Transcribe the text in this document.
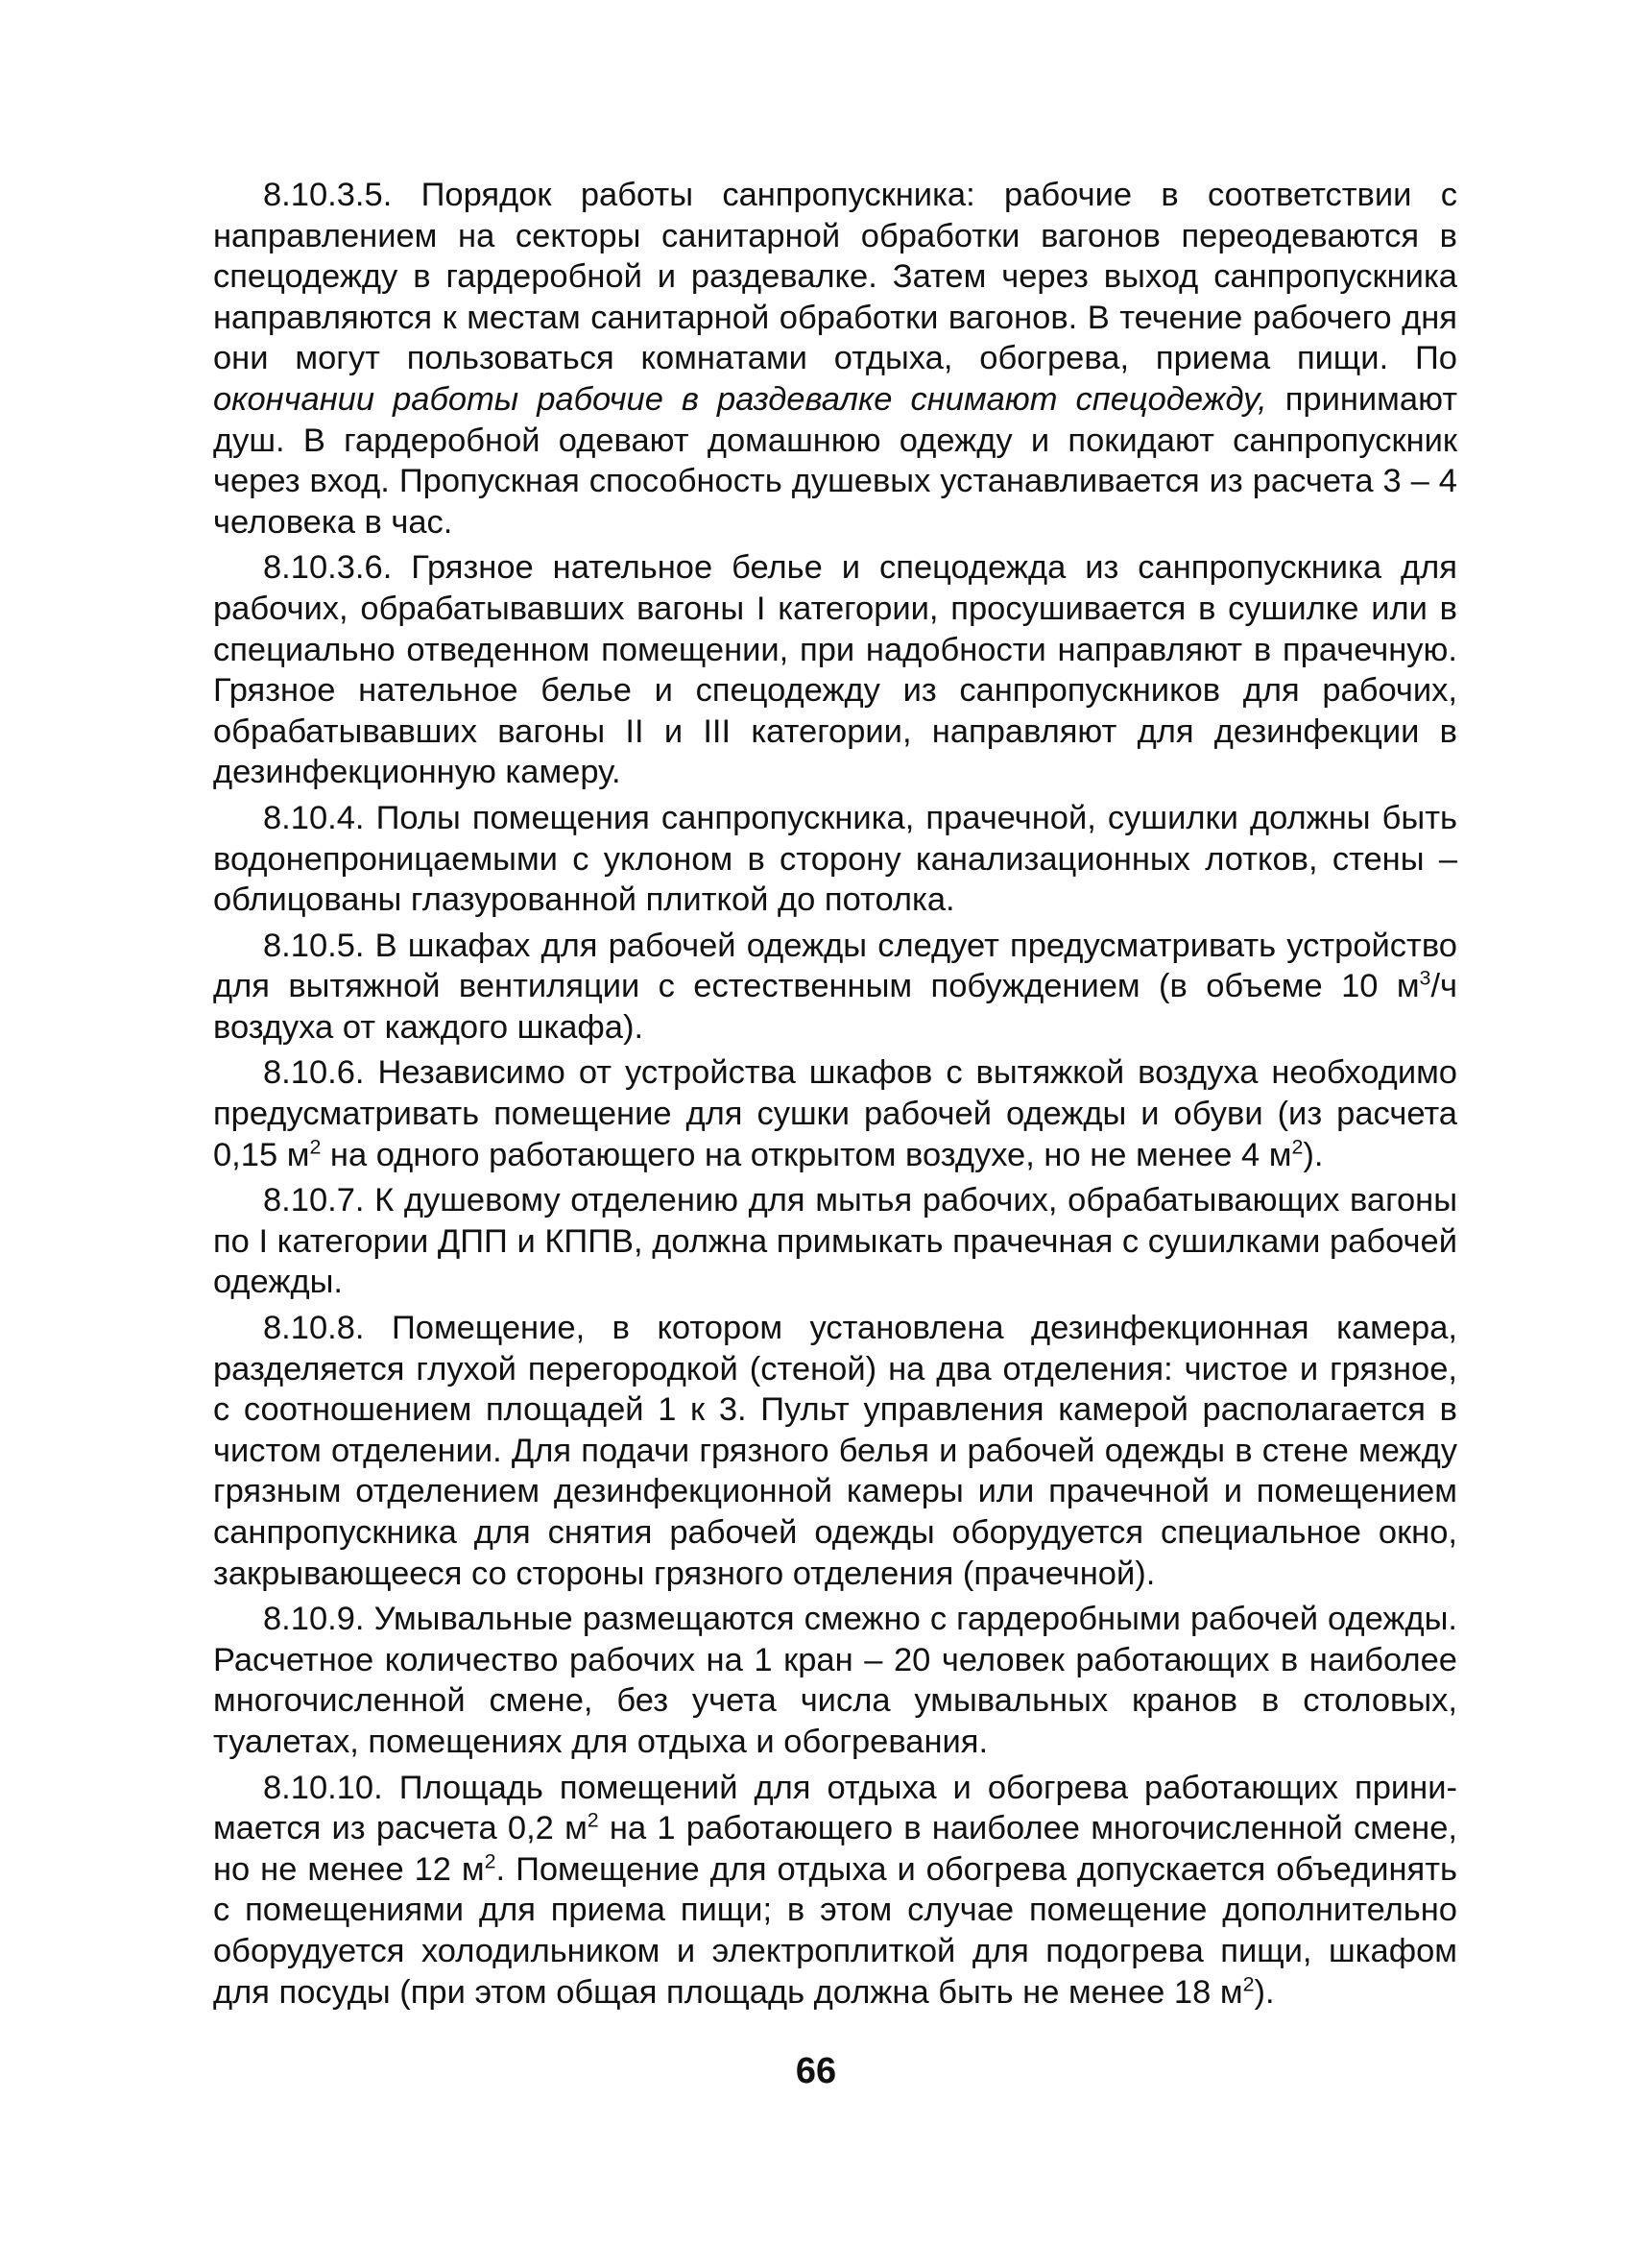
8.10.3.5. Порядок работы санпропускника: рабочие в соответствии с направлением на секторы санитарной обработки вагонов переодеваются в спецодежду в гардеробной и раздевалке. Затем через выход санпропускника направляются к местам санитарной обработки вагонов. В течение рабочего дня они могут пользоваться комнатами отдыха, обогрева, приема пищи. По окончании работы рабочие в раздевалке снимают спецодежду, принимают душ. В гардеробной одевают домашнюю одежду и покидают санпропускник через вход. Пропускная способность душевых устанавливается из расчета 3 – 4 человека в час.

8.10.3.6. Грязное нательное белье и спецодежда из санпропускника для рабочих, обрабатывавших вагоны I категории, просушивается в сушилке или в специально отведенном помещении, при надобности направляют в прачечную. Грязное нательное белье и спецодежду из санпропускников для рабочих, обрабатывавших вагоны II и III категории, направляют для дезинфекции в дезинфекционную камеру.

8.10.4. Полы помещения санпропускника, прачечной, сушилки должны быть водонепроницаемыми с уклоном в сторону канализационных лотков, стены – облицованы глазурованной плиткой до потолка.

8.10.5. В шкафах для рабочей одежды следует предусматривать устройство для вытяжной вентиляции с естественным побуждением (в объеме 10 $м^3/ч$ воздуха от каждого шкафа).

8.10.6. Независимо от устройства шкафов с вытяжкой воздуха необходимо предусматривать помещение для сушки рабочей одежды и обуви (из расчета 0,15 $м^2$ на одного работающего на открытом воздухе, но не менее 4 $м^2$).

8.10.7. К душевому отделению для мытья рабочих, обрабатывающих вагоны по I категории ДПП и КППВ, должна примыкать прачечная с сушилками рабочей одежды.

8.10.8. Помещение, в котором установлена дезинфекционная камера, разделяется глухой перегородкой (стеной) на два отделения: чистое и грязное, с соотношением площадей 1 к 3. Пульт управления камерой располагается в чистом отделении. Для подачи грязного белья и рабочей одежды в стене между грязным отделением дезинфекционной камеры или прачечной и помещением санпропускника для снятия рабочей одежды оборудуется специальное окно, закрывающееся со стороны грязного отделения (прачечной).

8.10.9. Умывальные размещаются смежно с гардеробными рабочей одежды. Расчетное количество рабочих на 1 кран – 20 человек работающих в наиболее многочисленной смене, без учета числа умывальных кранов в столовых, туалетах, помещениях для отдыха и обогревания.

8.10.10. Площадь помещений для отдыха и обогрева работающих принимается из расчета 0,2 $м^2$ на 1 работающего в наиболее многочисленной смене, но не менее 12 $м^2$. Помещение для отдыха и обогрева допускается объединять с помещениями для приема пищи; в этом случае помещение дополнительно оборудуется холодильником и электроплиткой для подогрева пищи, шкафом для посуды (при этом общая площадь должна быть не менее 18 $м^2$).

66
